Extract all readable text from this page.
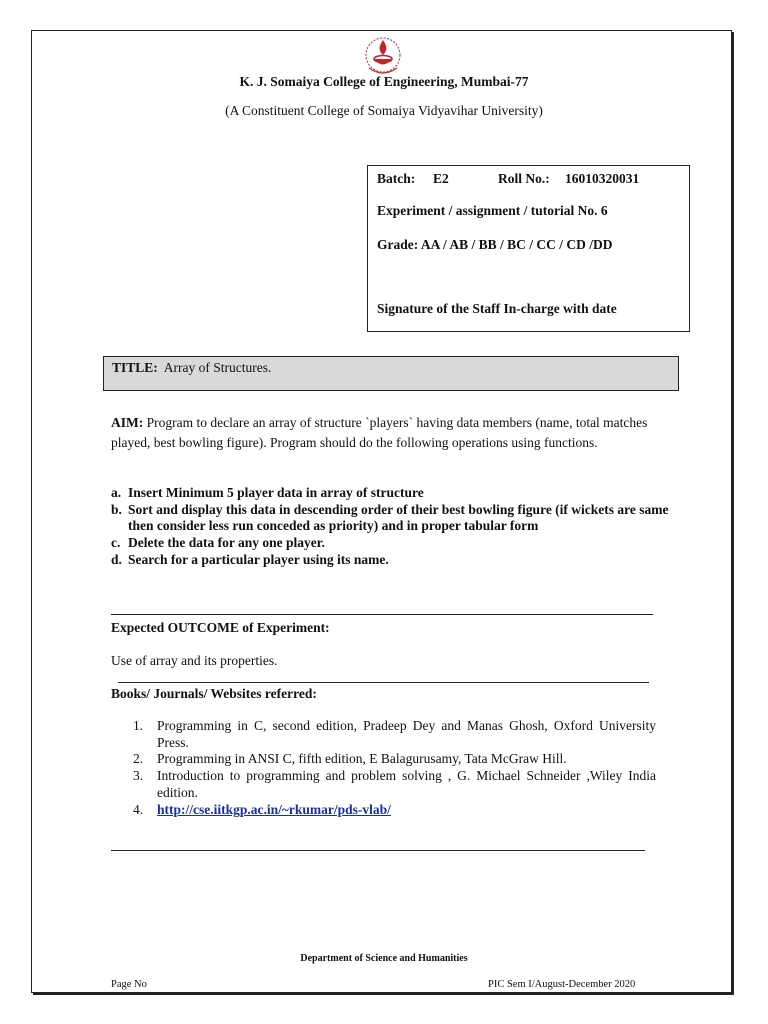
K. J. Somaiya College of Engineering, Mumbai-77
(A Constituent College of Somaiya Vidyavihar University)
Batch: E2	Roll No.: 16010320031
Experiment / assignment / tutorial No. 6
Grade: AA / AB / BB / BC / CC / CD /DD
Signature of the Staff In-charge with date
TITLE: Array of Structures.
AIM: Program to declare an array of structure `players` having data members (name, total matches played, best bowling figure). Program should do the following operations using functions.
a. Insert Minimum 5 player data in array of structure
b. Sort and display this data in descending order of their best bowling figure (if wickets are same then consider less run conceded as priority) and in proper tabular form
c. Delete the data for any one player.
d. Search for a particular player using its name.
Expected OUTCOME of Experiment:
Use of array and its properties.
Books/ Journals/ Websites referred:
1. Programming in C, second edition, Pradeep Dey and Manas Ghosh, Oxford University Press.
2. Programming in ANSI C, fifth edition, E Balagurusamy, Tata McGraw Hill.
3. Introduction to programming and problem solving , G. Michael Schneider ,Wiley India edition.
4. http://cse.iitkgp.ac.in/~rkumar/pds-vlab/
Department of Science and Humanities
Page No	PIC Sem I/August-December 2020
